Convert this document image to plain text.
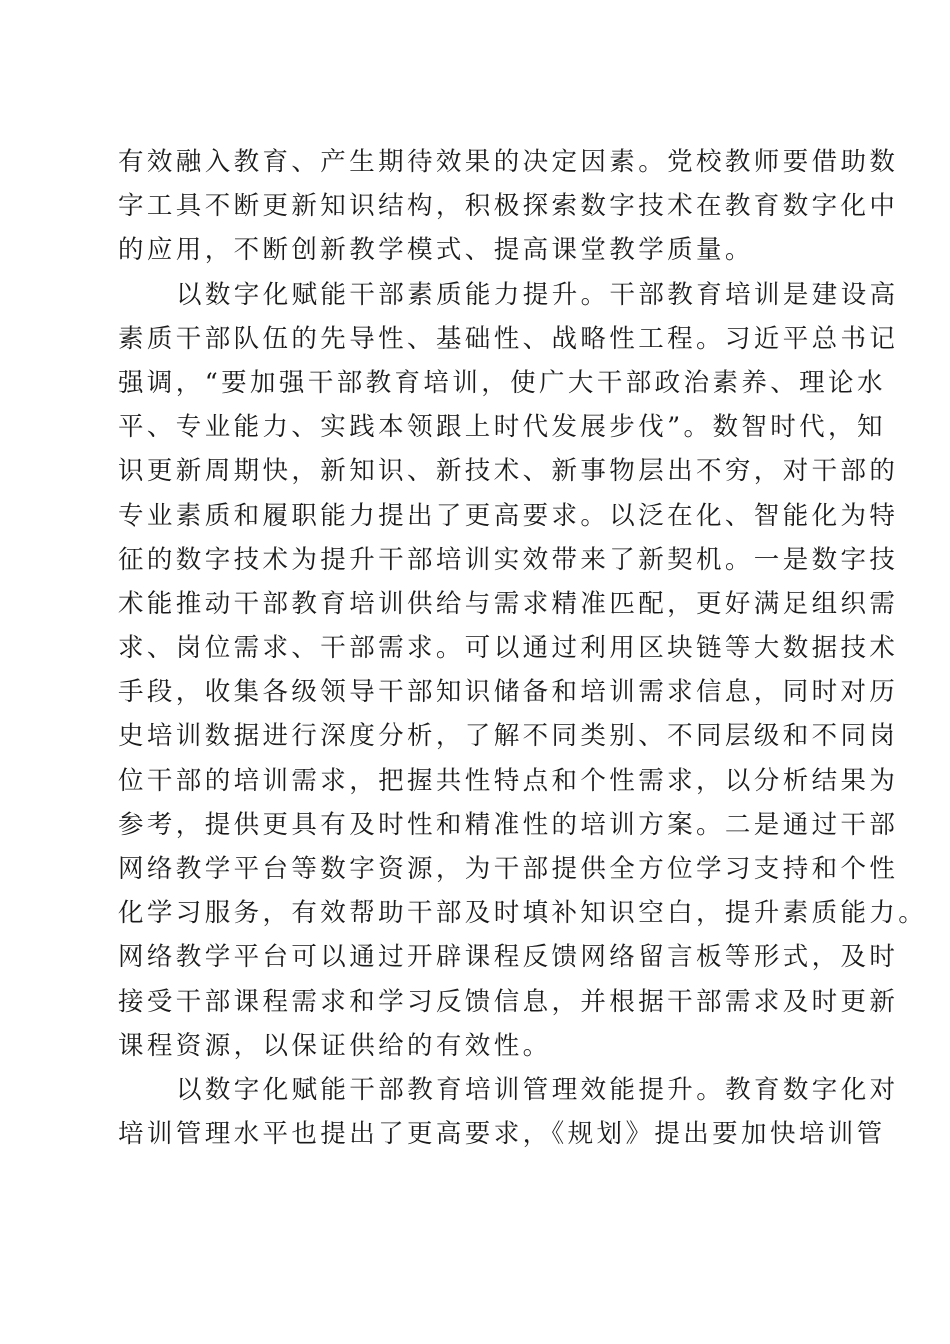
有效融入教育、产生期待效果的决定因素。党校教师要借助数
字工具不断更新知识结构，积极探索数字技术在教育数字化中
的应用，不断创新教学模式、提高课堂教学质量。
以数字化赋能干部素质能力提升。干部教育培训是建设高
素质干部队伍的先导性、基础性、战略性工程。习近平总书记
强调，“要加强干部教育培训，使广大干部政治素养、理论水
平、专业能力、实践本领跟上时代发展步伐”。数智时代，知
识更新周期快，新知识、新技术、新事物层出不穷，对干部的
专业素质和履职能力提出了更高要求。以泛在化、智能化为特
征的数字技术为提升干部培训实效带来了新契机。一是数字技
术能推动干部教育培训供给与需求精准匹配，更好满足组织需
求、岗位需求、干部需求。可以通过利用区块链等大数据技术
手段，收集各级领导干部知识储备和培训需求信息，同时对历
史培训数据进行深度分析，了解不同类别、不同层级和不同岗
位干部的培训需求，把握共性特点和个性需求，以分析结果为
参考，提供更具有及时性和精准性的培训方案。二是通过干部
网络教学平台等数字资源，为干部提供全方位学习支持和个性
化学习服务，有效帮助干部及时填补知识空白，提升素质能力。
网络教学平台可以通过开辟课程反馈网络留言板等形式，及时
接受干部课程需求和学习反馈信息，并根据干部需求及时更新
课程资源，以保证供给的有效性。
以数字化赋能干部教育培训管理效能提升。教育数字化对
培训管理水平也提出了更高要求，《规划》提出要加快培训管
